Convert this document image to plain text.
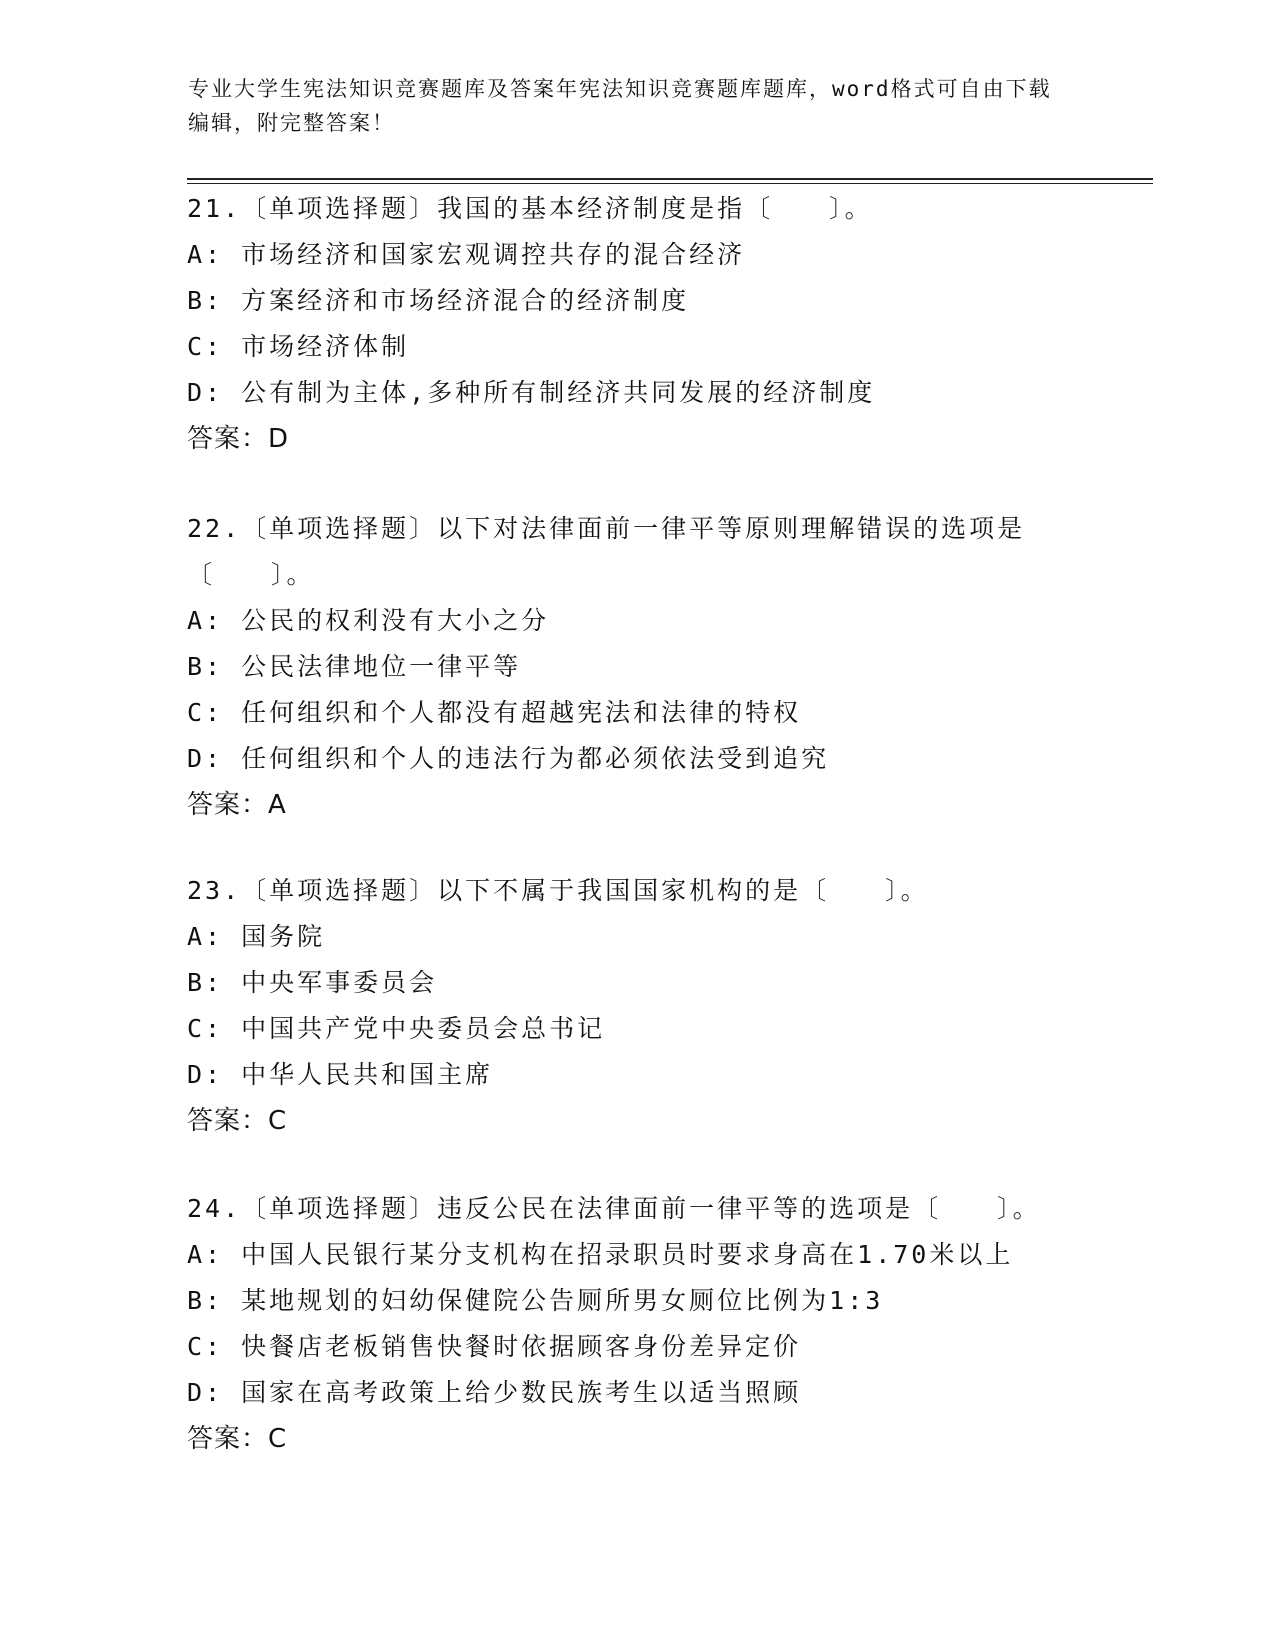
专业大学生宪法知识竞赛题库及答案年宪法知识竞赛题库题库，word格式可自由下载编辑，附完整答案！
21.〔单项选择题〕我国的基本经济制度是指〔　　〕。
A: 市场经济和国家宏观调控共存的混合经济
B: 方案经济和市场经济混合的经济制度
C: 市场经济体制
D: 公有制为主体,多种所有制经济共同发展的经济制度
答案：D
22.〔单项选择题〕以下对法律面前一律平等原则理解错误的选项是〔　　〕。
A: 公民的权利没有大小之分
B: 公民法律地位一律平等
C: 任何组织和个人都没有超越宪法和法律的特权
D: 任何组织和个人的违法行为都必须依法受到追究
答案：A
23.〔单项选择题〕以下不属于我国国家机构的是〔　　〕。
A: 国务院
B: 中央军事委员会
C: 中国共产党中央委员会总书记
D: 中华人民共和国主席
答案：C
24.〔单项选择题〕违反公民在法律面前一律平等的选项是〔　　〕。
A: 中国人民银行某分支机构在招录职员时要求身高在1.70米以上
B: 某地规划的妇幼保健院公告厕所男女厕位比例为1:3
C: 快餐店老板销售快餐时依据顾客身份差异定价
D: 国家在高考政策上给少数民族考生以适当照顾
答案：C
